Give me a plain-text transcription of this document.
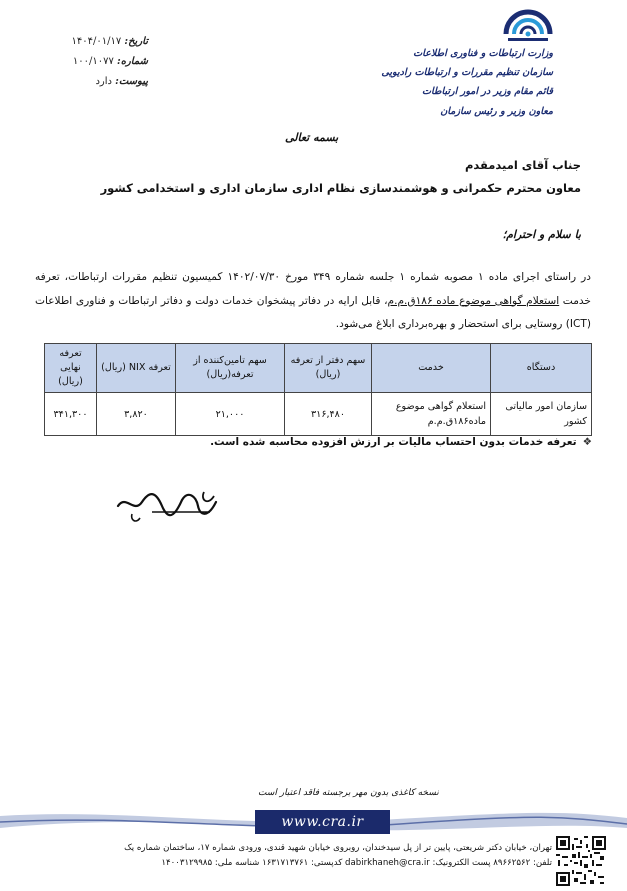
وزارت ارتباطات و فناوری اطلاعات
سازمان تنظیم مقررات و ارتباطات رادیویی
قائم مقام وزیر در امور ارتباطات
معاون وزیر و رئیس سازمان
تاریخ: ۱۴۰۴/۰۱/۱۷
شماره: ۱۰۰/۱۰۷۷
پیوست: دارد
بسمه تعالی
جناب آقای امیدمقدم
معاون محترم حکمرانی و هوشمندسازی نظام اداری سازمان اداری و استخدامی کشور
با سلام و احترام؛
در راستای اجرای ماده ۱ مصوبه شماره ۱ جلسه شماره ۳۴۹ مورخ ۱۴۰۲/۰۷/۳۰ کمیسیون تنظیم مقررات ارتباطات، تعرفه خدمت استعلام گواهی موضوع ماده ۱۸۶ق.م.م، قابل ارایه در دفاتر پیشخوان خدمات دولت و دفاتر ارتباطات و فناوری اطلاعات (ICT) روستایی برای استحضار و بهره‌برداری ابلاغ می‌شود.
دستگاه	خدمت	سهم دفتر از تعرفه (ریال)	سهم تامین‌کننده از تعرفه(ریال)	تعرفه NIX (ریال)	تعرفه نهایی (ریال)
سازمان امور مالیاتی کشور	استعلام گواهی موضوع ماده۱۸۶ق.م.م	۳۱۶,۴۸۰	۲۱,۰۰۰	۳,۸۲۰	۳۴۱,۳۰۰
❖تعرفه خدمات بدون احتساب مالیات بر ارزش افزوده محاسبه شده است.
نسخه کاغذی بدون مهر برجسته فاقد اعتبار است
www.cra.ir
تهران، خیابان دکتر شریعتی، پایین تر از پل سیدخندان، روبروی خیابان شهید قندی، ورودی شماره ۱۷، ساختمان شماره یک
تلفن: ۸۹۶۶۲۵۶۲ پست الکترونیک: dabirkhaneh@cra.ir کدپستی: ۱۶۳۱۷۱۳۷۶۱ شناسه ملی: ۱۴۰۰۳۱۲۹۹۸۵
